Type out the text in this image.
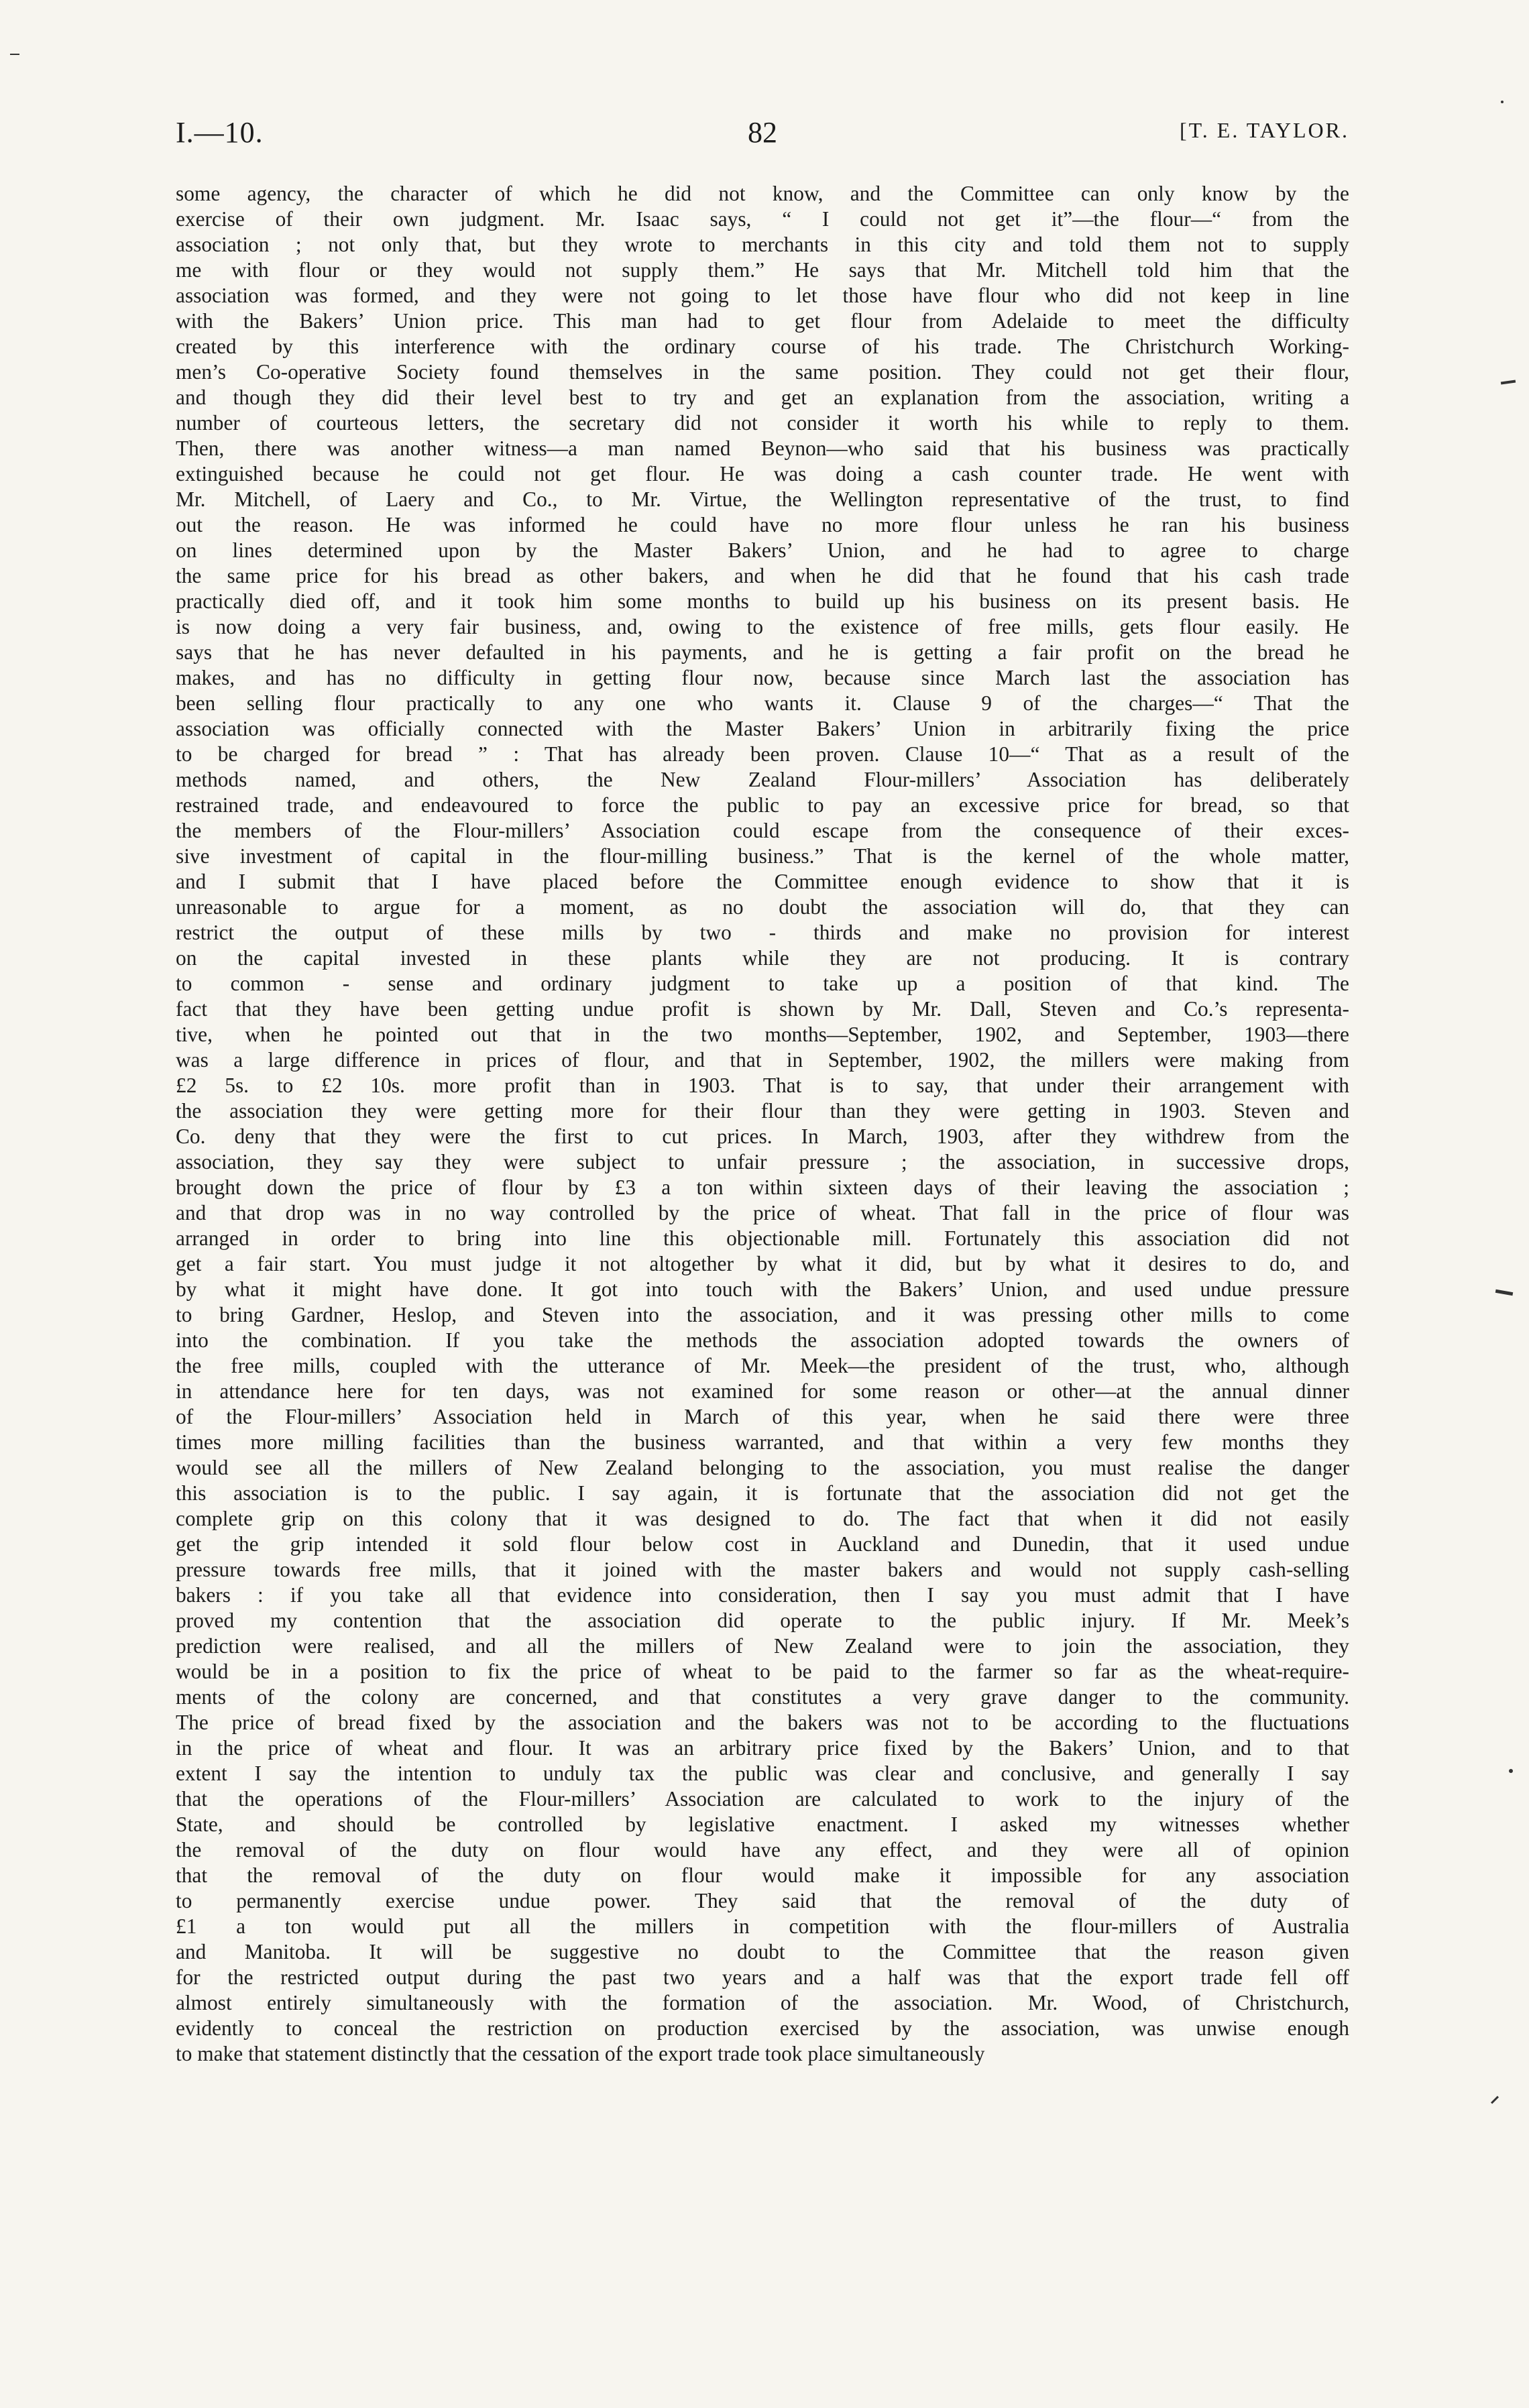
I.—10.	82	[T. E. TAYLOR.
some agency, the character of which he did not know, and the Committee can only know by the
exercise of their own judgment. Mr. Isaac says, “ I could not get it”—the flour—“ from the
association ; not only that, but they wrote to merchants in this city and told them not to supply
me with flour or they would not supply them.” He says that Mr. Mitchell told him that the
association was formed, and they were not going to let those have flour who did not keep in line
with the Bakers’ Union price. This man had to get flour from Adelaide to meet the difficulty
created by this interference with the ordinary course of his trade. The Christchurch Working-
men’s Co-operative Society found themselves in the same position. They could not get their flour,
and though they did their level best to try and get an explanation from the association, writing a
number of courteous letters, the secretary did not consider it worth his while to reply to them.
Then, there was another witness—a man named Beynon—who said that his business was practically
extinguished because he could not get flour. He was doing a cash counter trade. He went with
Mr. Mitchell, of Laery and Co., to Mr. Virtue, the Wellington representative of the trust, to find
out the reason. He was informed he could have no more flour unless he ran his business
on lines determined upon by the Master Bakers’ Union, and he had to agree to charge
the same price for his bread as other bakers, and when he did that he found that his cash trade
practically died off, and it took him some months to build up his business on its present basis. He
is now doing a very fair business, and, owing to the existence of free mills, gets flour easily. He
says that he has never defaulted in his payments, and he is getting a fair profit on the bread he
makes, and has no difficulty in getting flour now, because since March last the association has
been selling flour practically to any one who wants it. Clause 9 of the charges—“ That the
association was officially connected with the Master Bakers’ Union in arbitrarily fixing the price
to be charged for bread ” : That has already been proven. Clause 10—“ That as a result of the
methods named, and others, the New Zealand Flour-millers’ Association has deliberately
restrained trade, and endeavoured to force the public to pay an excessive price for bread, so that
the members of the Flour-millers’ Association could escape from the consequence of their exces-
sive investment of capital in the flour-milling business.” That is the kernel of the whole matter,
and I submit that I have placed before the Committee enough evidence to show that it is
unreasonable to argue for a moment, as no doubt the association will do, that they can
restrict the output of these mills by two - thirds and make no provision for interest
on the capital invested in these plants while they are not producing. It is contrary
to common - sense and ordinary judgment to take up a position of that kind. The
fact that they have been getting undue profit is shown by Mr. Dall, Steven and Co.’s representa-
tive, when he pointed out that in the two months—September, 1902, and September, 1903—there
was a large difference in prices of flour, and that in September, 1902, the millers were making from
£2 5s. to £2 10s. more profit than in 1903. That is to say, that under their arrangement with
the association they were getting more for their flour than they were getting in 1903. Steven and
Co. deny that they were the first to cut prices. In March, 1903, after they withdrew from the
association, they say they were subject to unfair pressure ; the association, in successive drops,
brought down the price of flour by £3 a ton within sixteen days of their leaving the association ;
and that drop was in no way controlled by the price of wheat. That fall in the price of flour was
arranged in order to bring into line this objectionable mill. Fortunately this association did not
get a fair start. You must judge it not altogether by what it did, but by what it desires to do, and
by what it might have done. It got into touch with the Bakers’ Union, and used undue pressure
to bring Gardner, Heslop, and Steven into the association, and it was pressing other mills to come
into the combination. If you take the methods the association adopted towards the owners of
the free mills, coupled with the utterance of Mr. Meek—the president of the trust, who, although
in attendance here for ten days, was not examined for some reason or other—at the annual dinner
of the Flour-millers’ Association held in March of this year, when he said there were three
times more milling facilities than the business warranted, and that within a very few months they
would see all the millers of New Zealand belonging to the association, you must realise the danger
this association is to the public. I say again, it is fortunate that the association did not get the
complete grip on this colony that it was designed to do. The fact that when it did not easily
get the grip intended it sold flour below cost in Auckland and Dunedin, that it used undue
pressure towards free mills, that it joined with the master bakers and would not supply cash-selling
bakers : if you take all that evidence into consideration, then I say you must admit that I have
proved my contention that the association did operate to the public injury. If Mr. Meek’s
prediction were realised, and all the millers of New Zealand were to join the association, they
would be in a position to fix the price of wheat to be paid to the farmer so far as the wheat-require-
ments of the colony are concerned, and that constitutes a very grave danger to the community.
The price of bread fixed by the association and the bakers was not to be according to the fluctuations
in the price of wheat and flour. It was an arbitrary price fixed by the Bakers’ Union, and to that
extent I say the intention to unduly tax the public was clear and conclusive, and generally I say
that the operations of the Flour-millers’ Association are calculated to work to the injury of the
State, and should be controlled by legislative enactment. I asked my witnesses whether
the removal of the duty on flour would have any effect, and they were all of opinion
that the removal of the duty on flour would make it impossible for any association
to permanently exercise undue power. They said that the removal of the duty of
£1 a ton would put all the millers in competition with the flour-millers of Australia
and Manitoba. It will be suggestive no doubt to the Committee that the reason given
for the restricted output during the past two years and a half was that the export trade fell off
almost entirely simultaneously with the formation of the association. Mr. Wood, of Christchurch,
evidently to conceal the restriction on production exercised by the association, was unwise enough
to make that statement distinctly that the cessation of the export trade took place simultaneously
